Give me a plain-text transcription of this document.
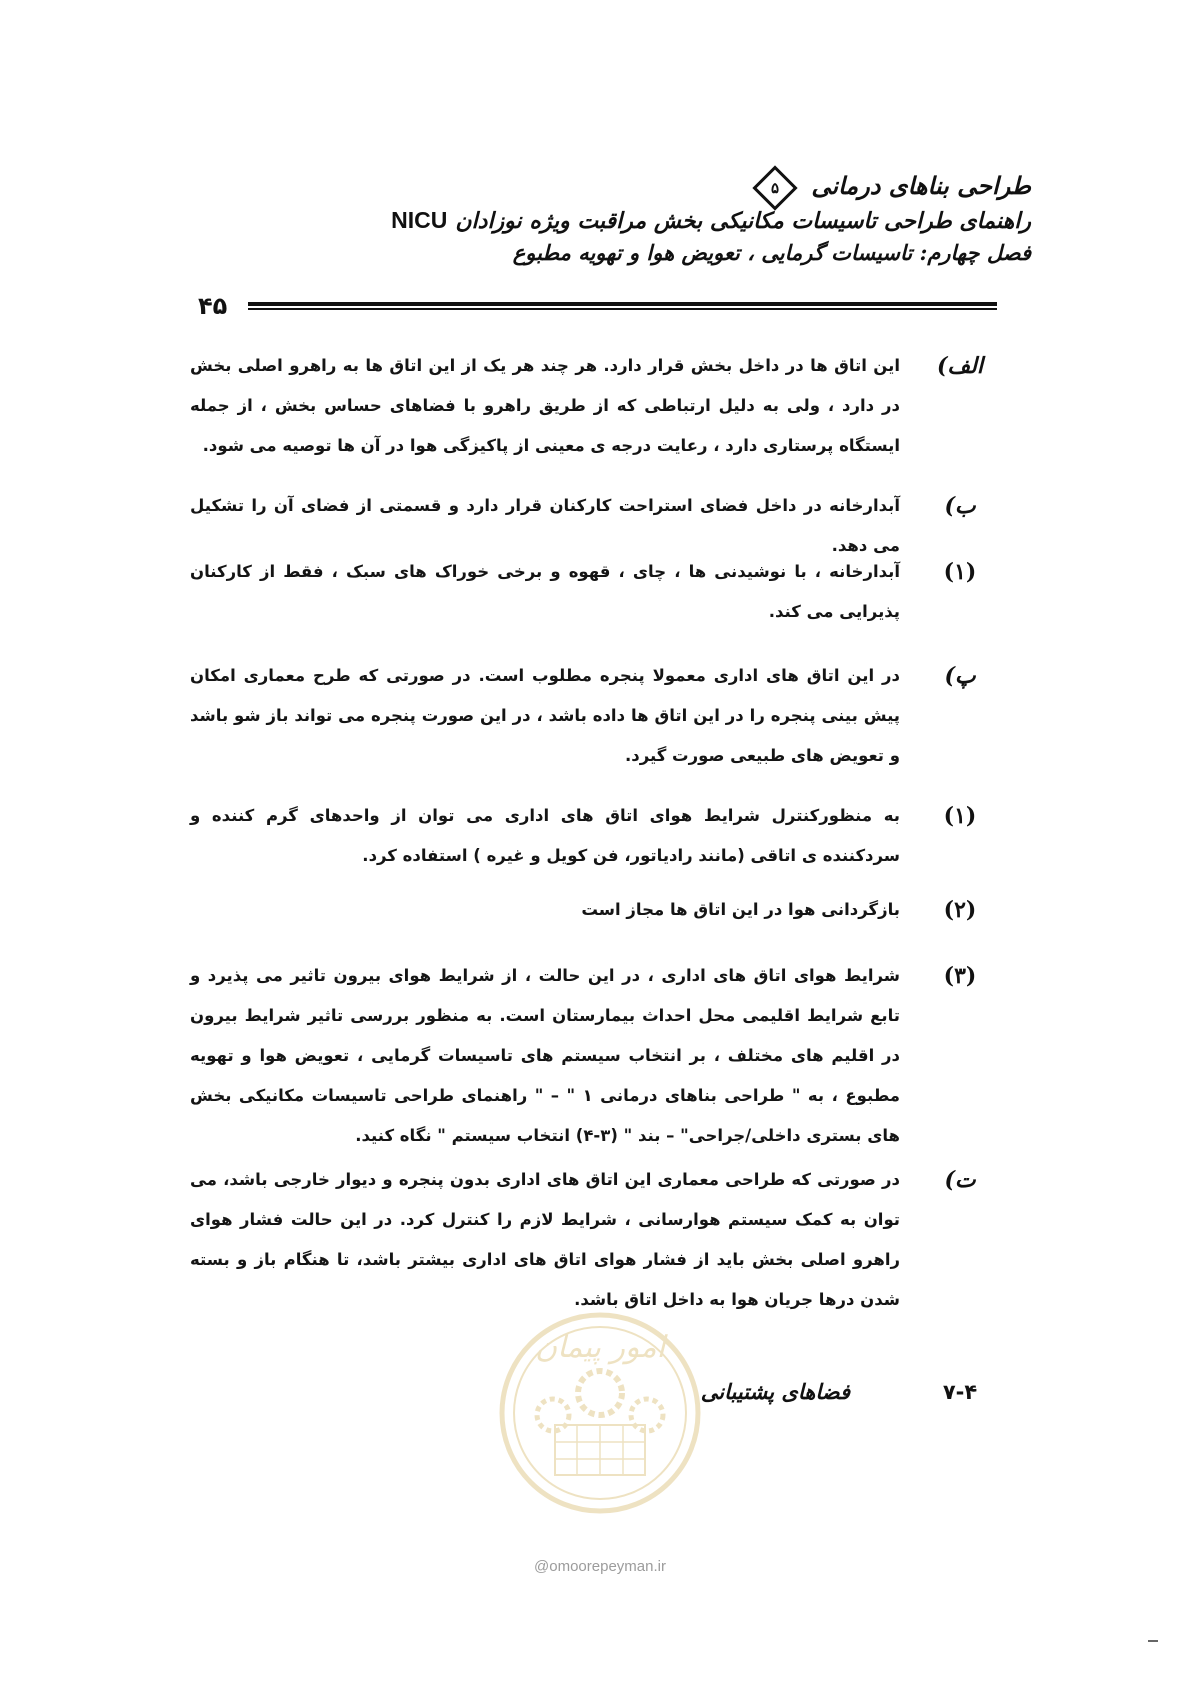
طراحی بناهای درمانی
۵
راهنمای طراحی تاسیسات مکانیکی بخش مراقبت ویژه نوزادانNICU
فصل چهارم: تاسیسات گرمایی ، تعویض هوا و تهویه مطبوع
۴۵
الف)
این اتاق ها در داخل بخش قرار دارد. هر چند هر یک از این اتاق ها به راهرو اصلی بخش در دارد ، ولی به دلیل ارتباطی که از طریق راهرو با فضاهای حساس بخش ، از جمله ایستگاه پرستاری دارد ، رعایت درجه ی معینی از پاکیزگی هوا در آن ها توصیه می شود.
ب)
آبدارخانه در داخل فضای استراحت کارکنان قرار دارد و قسمتی از فضای آن را تشکیل می دهد.
(۱)
آبدارخانه ، با نوشیدنی ها ، چای ، قهوه و برخی خوراک های سبک ، فقط از کارکنان پذیرایی می کند.
پ)
در این اتاق های اداری معمولا پنجره مطلوب است. در صورتی که طرح معماری امکان پیش بینی پنجره را در این اتاق ها داده باشد ، در این صورت پنجره می تواند باز شو باشد و تعویض های طبیعی صورت گیرد.
(۱)
به منظورکنترل شرایط هوای اتاق های اداری می توان از واحدهای گرم کننده و سردکننده ی اتاقی (مانند رادیاتور، فن کویل و غیره ) استفاده کرد.
(۲)
بازگردانی هوا در این اتاق ها مجاز است
(۳)
شرایط هوای اتاق های اداری ، در این حالت ، از شرایط هوای بیرون تاثیر می پذیرد و تابع شرایط اقلیمی محل احداث بیمارستان است. به منظور بررسی تاثیر شرایط بیرون در اقلیم های مختلف ، بر انتخاب سیستم های تاسیسات گرمایی ، تعویض هوا و تهویه مطبوع ، به " طراحی بناهای درمانی ۱ " – " راهنمای طراحی تاسیسات مکانیکی بخش های بستری داخلی/جراحی" – بند " (۳-۴) انتخاب سیستم " نگاه کنید.
ت)
در صورتی که طراحی معماری این اتاق های اداری بدون پنجره و دیوار خارجی باشد، می توان به کمک سیستم هوارسانی ، شرایط لازم را کنترل کرد. در این حالت فشار هوای راهرو اصلی بخش باید از فشار هوای اتاق های اداری بیشتر باشد، تا هنگام باز و بسته شدن درها جریان هوا به داخل اتاق باشد.
۷-۴
فضاهای پشتیبانی
امور پیمان
@omoorepeyman.ir
